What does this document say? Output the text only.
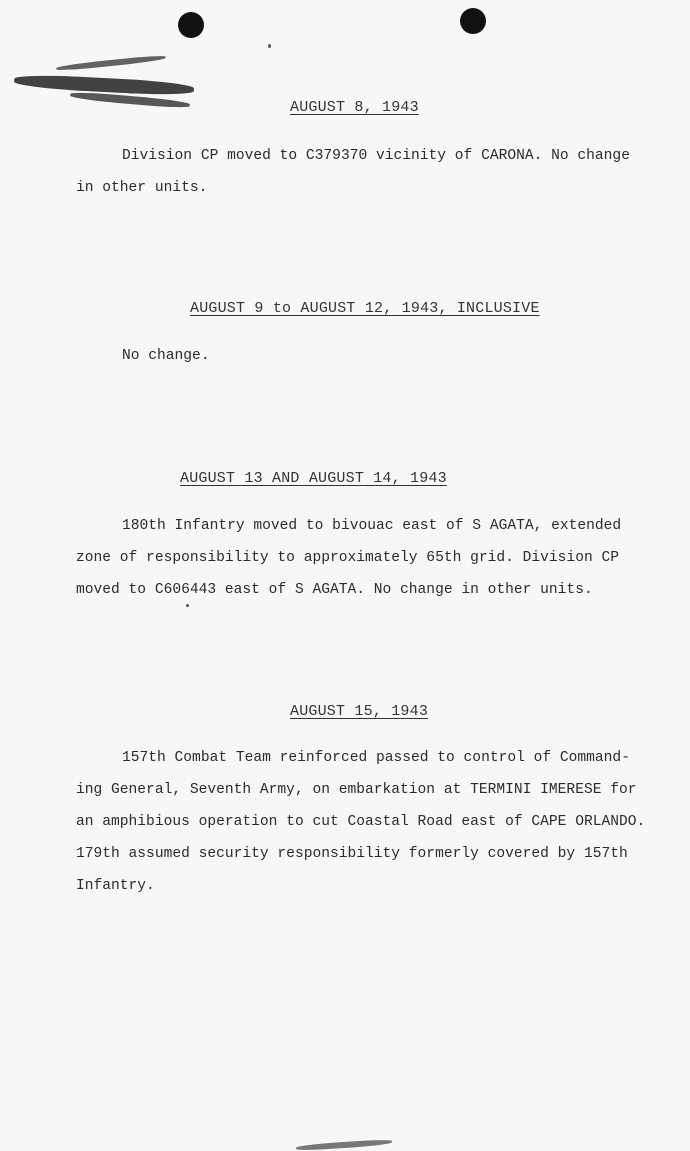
AUGUST 8, 1943
Division CP moved to C379370 vicinity of CARONA. No change
in other units.
AUGUST 9 to AUGUST 12, 1943, INCLUSIVE
No change.
AUGUST 13 AND AUGUST 14, 1943
180th Infantry moved to bivouac east of S AGATA, extended
zone of responsibility to approximately 65th grid. Division CP
moved to C606443 east of S AGATA. No change in other units.
AUGUST 15, 1943
157th Combat Team reinforced passed to control of Command-
ing General, Seventh Army, on embarkation at TERMINI IMERESE for
an amphibious operation to cut Coastal Road east of CAPE ORLANDO.
179th assumed security responsibility formerly covered by 157th
Infantry.
